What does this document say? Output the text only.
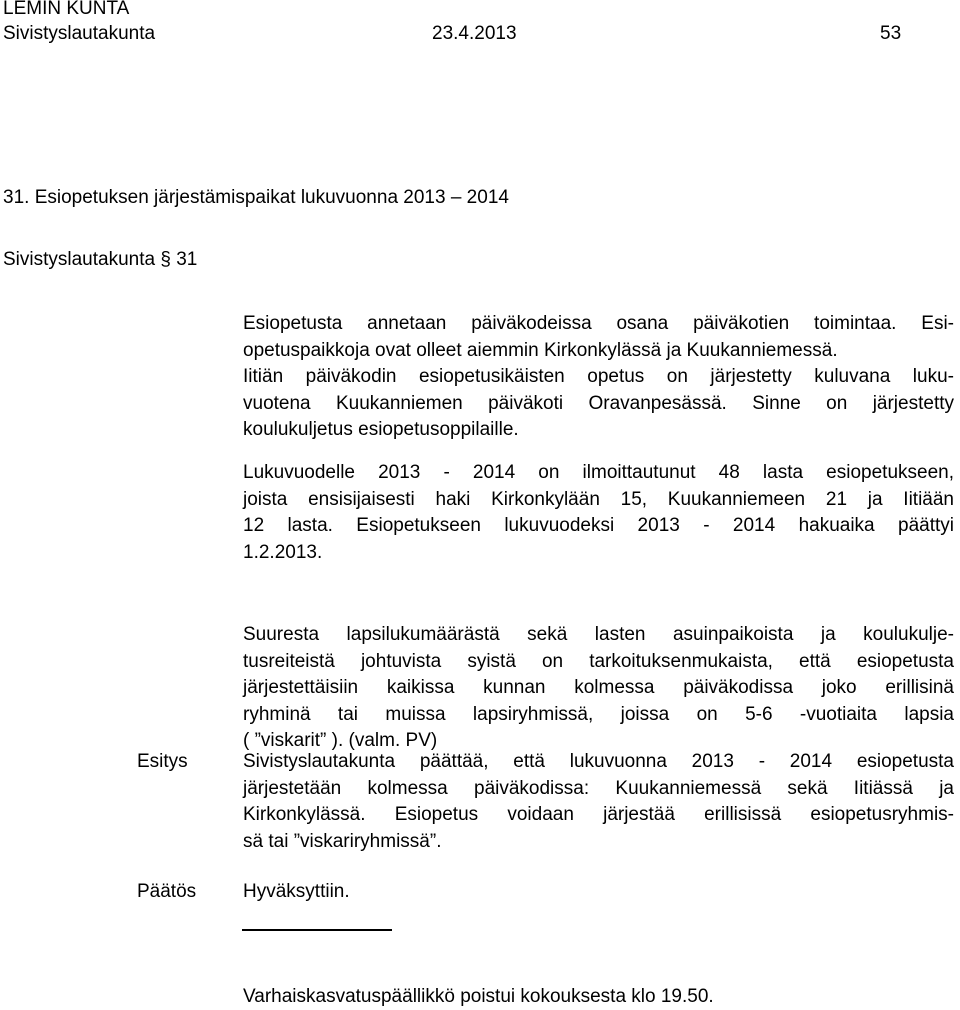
LEMIN KUNTA
Sivistyslautakunta	23.4.2013	53
31. Esiopetuksen järjestämispaikat lukuvuonna 2013 – 2014
Sivistyslautakunta § 31
Esiopetusta annetaan päiväkodeissa osana päiväkotien toimintaa. Esi-
opetuspaikkoja ovat olleet aiemmin Kirkonkylässä ja Kuukanniemessä.
Iitiän päiväkodin esiopetusikäisten opetus on järjestetty kuluvana luku-
vuotena Kuukanniemen päiväkoti Oravanpesässä. Sinne on järjestetty
koulukuljetus esiopetusoppilaille.
Lukuvuodelle 2013 - 2014 on ilmoittautunut 48 lasta esiopetukseen,
joista ensisijaisesti haki Kirkonkylään 15, Kuukanniemeen 21 ja Iitiään
12 lasta. Esiopetukseen lukuvuodeksi 2013 - 2014 hakuaika päättyi
1.2.2013.
Suuresta lapsilukumäärästä sekä lasten asuinpaikoista ja koulukulje-
tusreiteistä johtuvista syistä on tarkoituksenmukaista, että esiopetusta
järjestettäisiin kaikissa kunnan kolmessa päiväkodissa joko erillisinä
ryhminä tai muissa lapsiryhmissä, joissa on 5-6 -vuotiaita lapsia
( ”viskarit” ). (valm. PV)
Esitys	Sivistyslautakunta päättää, että lukuvuonna 2013 - 2014 esiopetusta
järjestetään kolmessa päiväkodissa: Kuukanniemessä sekä Iitiässä ja
Kirkonkylässä. Esiopetus voidaan järjestää erillisissä esiopetusryhmis-
sä tai ”viskariryhmissä”.
Päätös Hyväksyttiin.
Varhaiskasvatuspäällikkö poistui kokouksesta klo 19.50.
